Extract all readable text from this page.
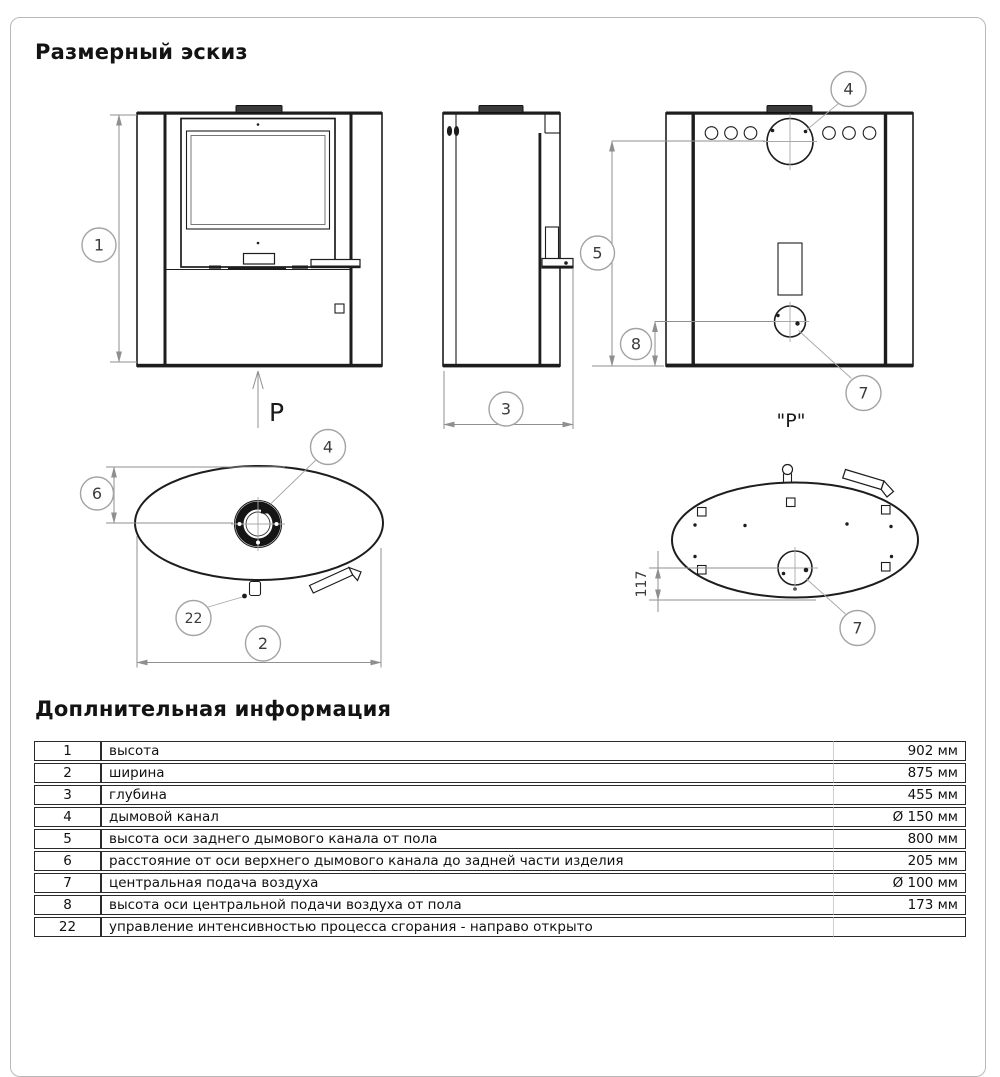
Размерный эскиз
1
P	3
4
7
5
8
"Р"
4
6
22
2
7
117
Доплнительная информация
1	высота	902 мм
2	ширина	875 мм
3	глубина	455 мм
4	дымовой канал	Ø 150 мм
5	высота оси заднего дымового канала от пола	800 мм
6	расстояние от оси верхнего дымового канала до задней части изделия	205 мм
7	центральная подача воздуха	Ø 100 мм
8	высота оси центральной подачи воздуха от пола	173 мм
22	управление интенсивностью процесса сгорания - направо открыто	
